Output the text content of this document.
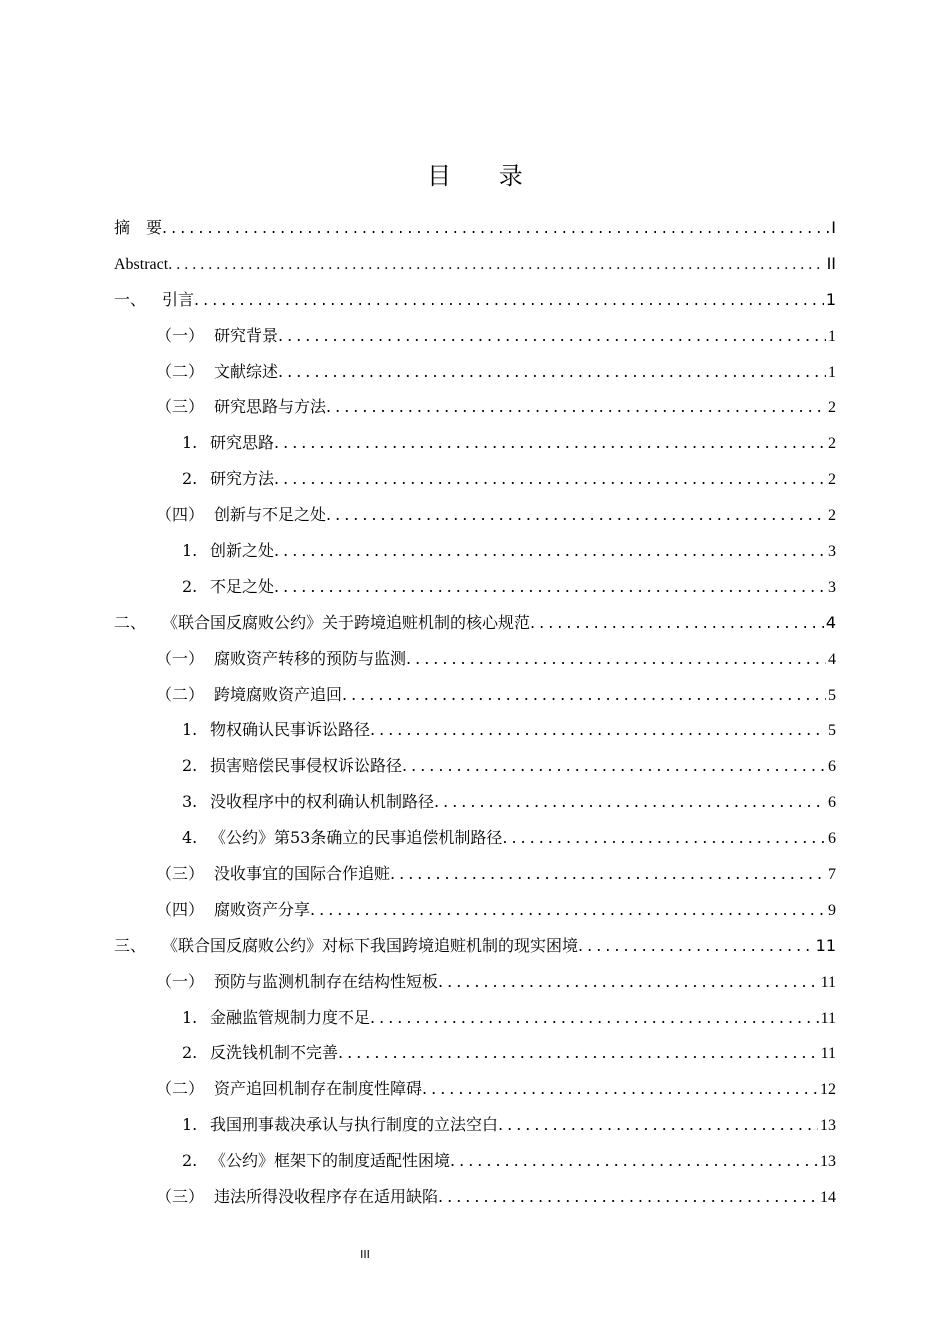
目 录
摘　要 .....	I
Abstract .....	II
一、 引言 .....	1
（一） 研究背景 .....	1
（二） 文献综述 .....	1
（三） 研究思路与方法 .....	2
1. 研究思路 .....	2
2. 研究方法 .....	2
（四） 创新与不足之处 .....	2
1. 创新之处 .....	3
2. 不足之处 .....	3
二、 《联合国反腐败公约》关于跨境追赃机制的核心规范 .....	4
（一） 腐败资产转移的预防与监测 .....	4
（二） 跨境腐败资产追回 .....	5
1. 物权确认民事诉讼路径 .....	5
2. 损害赔偿民事侵权诉讼路径 .....	6
3. 没收程序中的权利确认机制路径 .....	6
4. 《公约》第53条确立的民事追偿机制路径 .....	6
（三） 没收事宜的国际合作追赃 .....	7
（四） 腐败资产分享 .....	9
三、 《联合国反腐败公约》对标下我国跨境追赃机制的现实困境 .....	11
（一） 预防与监测机制存在结构性短板 .....	11
1. 金融监管规制力度不足 .....	11
2. 反洗钱机制不完善 .....	11
（二） 资产追回机制存在制度性障碍 .....	12
1. 我国刑事裁决承认与执行制度的立法空白 .....	13
2. 《公约》框架下的制度适配性困境 .....	13
（三） 违法所得没收程序存在适用缺陷 .....	14
III
